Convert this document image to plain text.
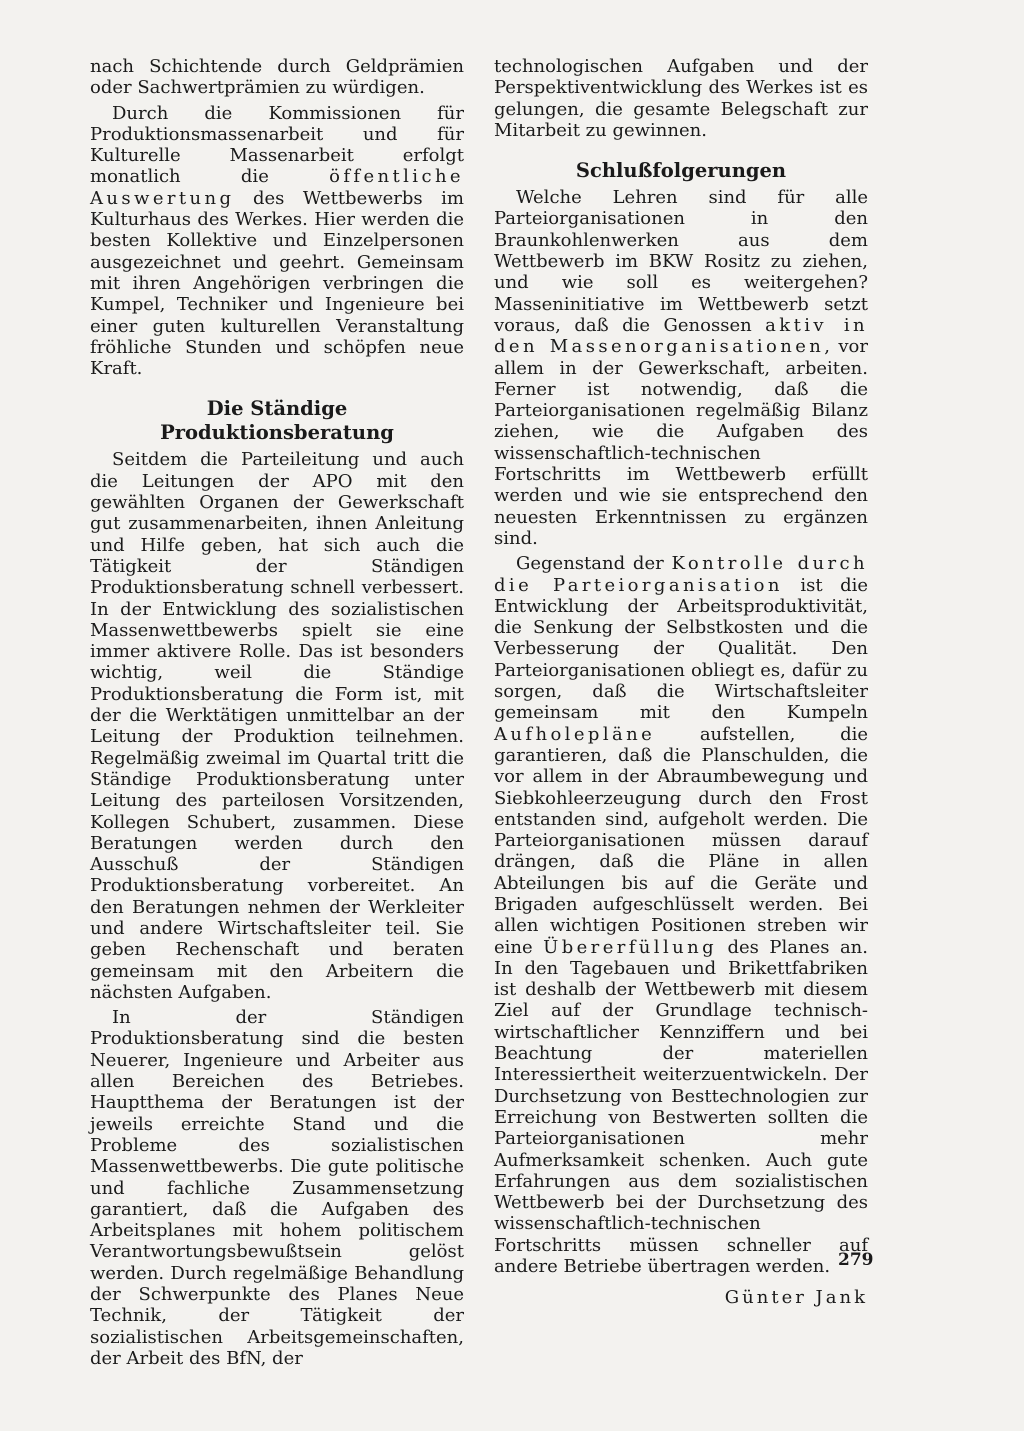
nach Schichtende durch Geldprämien oder Sachwertprämien zu würdigen.

Durch die Kommissionen für Produktionsmassenarbeit und für Kulturelle Massenarbeit erfolgt monatlich die öffentliche Auswertung des Wettbewerbs im Kulturhaus des Werkes. Hier werden die besten Kollektive und Einzelpersonen ausgezeichnet und geehrt. Gemeinsam mit ihren Angehörigen verbringen die Kumpel, Techniker und Ingenieure bei einer guten kulturellen Veranstaltung fröhliche Stunden und schöpfen neue Kraft.

Die Ständige Produktionsberatung

Seitdem die Parteileitung und auch die Leitungen der APO mit den gewählten Organen der Gewerkschaft gut zusammenarbeiten, ihnen Anleitung und Hilfe geben, hat sich auch die Tätigkeit der Ständigen Produktionsberatung schnell verbessert. In der Entwicklung des sozialistischen Massenwettbewerbs spielt sie eine immer aktivere Rolle. Das ist besonders wichtig, weil die Ständige Produktionsberatung die Form ist, mit der die Werktätigen unmittelbar an der Leitung der Produktion teilnehmen. Regelmäßig zweimal im Quartal tritt die Ständige Produktionsberatung unter Leitung des parteilosen Vorsitzenden, Kollegen Schubert, zusammen. Diese Beratungen werden durch den Ausschuß der Ständigen Produktionsberatung vorbereitet. An den Beratungen nehmen der Werkleiter und andere Wirtschaftsleiter teil. Sie geben Rechenschaft und beraten gemeinsam mit den Arbeitern die nächsten Aufgaben.

In der Ständigen Produktionsberatung sind die besten Neuerer, Ingenieure und Arbeiter aus allen Bereichen des Betriebes. Hauptthema der Beratungen ist der jeweils erreichte Stand und die Probleme des sozialistischen Massenwettbewerbs. Die gute politische und fachliche Zusammensetzung garantiert, daß die Aufgaben des Arbeitsplanes mit hohem politischem Verantwortungsbewußtsein gelöst werden. Durch regelmäßige Behandlung der Schwerpunkte des Planes Neue Technik, der Tätigkeit der sozialistischen Arbeitsgemeinschaften, der Arbeit des BfN, der

technologischen Aufgaben und der Perspektiventwicklung des Werkes ist es gelungen, die gesamte Belegschaft zur Mitarbeit zu gewinnen.

Schlußfolgerungen

Welche Lehren sind für alle Parteiorganisationen in den Braunkohlenwerken aus dem Wettbewerb im BKW Rositz zu ziehen, und wie soll es weitergehen? Masseninitiative im Wettbewerb setzt voraus, daß die Genossen aktiv in den Massenorganisationen, vor allem in der Gewerkschaft, arbeiten. Ferner ist notwendig, daß die Parteiorganisationen regelmäßig Bilanz ziehen, wie die Aufgaben des wissenschaftlich-technischen Fortschritts im Wettbewerb erfüllt werden und wie sie entsprechend den neuesten Erkenntnissen zu ergänzen sind.

Gegenstand der Kontrolle durch die Parteiorganisation ist die Entwicklung der Arbeitsproduktivität, die Senkung der Selbstkosten und die Verbesserung der Qualität. Den Parteiorganisationen obliegt es, dafür zu sorgen, daß die Wirtschaftsleiter gemeinsam mit den Kumpeln Aufholepläne aufstellen, die garantieren, daß die Planschulden, die vor allem in der Abraumbewegung und Siebkohleerzeugung durch den Frost entstanden sind, aufgeholt werden. Die Parteiorganisationen müssen darauf drängen, daß die Pläne in allen Abteilungen bis auf die Geräte und Brigaden aufgeschlüsselt werden. Bei allen wichtigen Positionen streben wir eine Übererfüllung des Planes an. In den Tagebauen und Brikettfabriken ist deshalb der Wettbewerb mit diesem Ziel auf der Grundlage technisch-wirtschaftlicher Kennziffern und bei Beachtung der materiellen Interessiertheit weiterzuentwickeln. Der Durchsetzung von Besttechnologien zur Erreichung von Bestwerten sollten die Parteiorganisationen mehr Aufmerksamkeit schenken. Auch gute Erfahrungen aus dem sozialistischen Wettbewerb bei der Durchsetzung des wissenschaftlich-technischen Fortschritts müssen schneller auf andere Betriebe übertragen werden.

Günter Jank
279
